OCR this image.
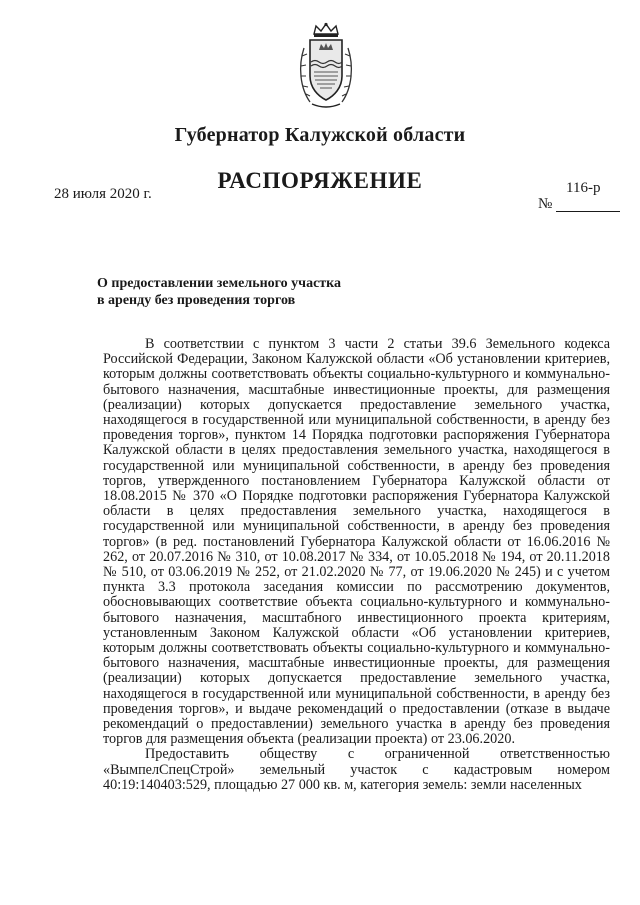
Губернатор Калужской области
РАСПОРЯЖЕНИЕ
28 июля 2020 г.	116-р
№
О предоставлении земельного участка
в аренду без проведения торгов

В соответствии с пунктом 3 части 2 статьи 39.6 Земельного кодекса Российской Федерации, Законом Калужской области «Об установлении критериев, которым должны соответствовать объекты социально-культурного и коммунально-бытового назначения, масштабные инвестиционные проекты, для размещения (реализации) которых допускается предоставление земельного участка, находящегося в государственной или муниципальной собственности, в аренду без проведения торгов», пунктом 14 Порядка подготовки распоряжения Губернатора Калужской области в целях предоставления земельного участка, находящегося в государственной или муниципальной собственности, в аренду без проведения торгов, утвержденного постановлением Губернатора Калужской области от 18.08.2015 № 370 «О Порядке подготовки распоряжения Губернатора Калужской области в целях предоставления земельного участка, находящегося в государственной или муниципальной собственности, в аренду без проведения торгов» (в ред. постановлений Губернатора Калужской области от 16.06.2016 № 262, от 20.07.2016 № 310, от 10.08.2017 № 334, от 10.05.2018 № 194, от 20.11.2018 № 510, от 03.06.2019 № 252, от 21.02.2020 № 77, от 19.06.2020 № 245) и с учетом пункта 3.3 протокола заседания комиссии по рассмотрению документов, обосновывающих соответствие объекта социально-культурного и коммунально-бытового назначения, масштабного инвестиционного проекта критериям, установленным Законом Калужской области «Об установлении критериев, которым должны соответствовать объекты социально-культурного и коммунально-бытового назначения, масштабные инвестиционные проекты, для размещения (реализации) которых допускается предоставление земельного участка, находящегося в государственной или муниципальной собственности, в аренду без проведения торгов», и выдаче рекомендаций о предоставлении (отказе в выдаче рекомендаций о предоставлении) земельного участка в аренду без проведения торгов для размещения объекта (реализации проекта) от 23.06.2020.

Предоставить обществу с ограниченной ответственностью «ВымпелСпецСтрой» земельный участок с кадастровым номером 40:19:140403:529, площадью 27 000 кв. м, категория земель: земли населенных
